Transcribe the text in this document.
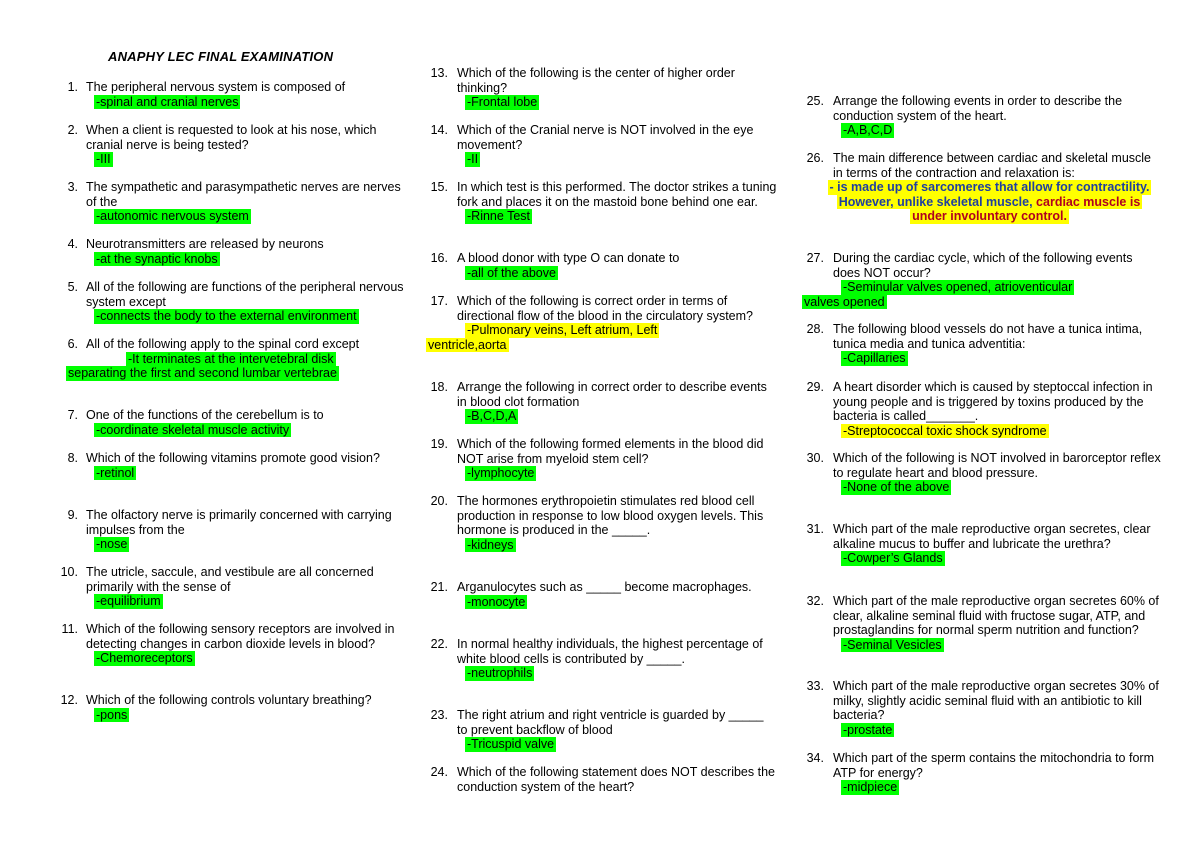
ANAPHY LEC FINAL EXAMINATION
1. The peripheral nervous system is composed of
-spinal and cranial nerves
2. When a client is requested to look at his nose, which cranial nerve is being tested?
-III
3. The sympathetic and parasympathetic nerves are nerves of the
-autonomic nervous system
4. Neurotransmitters are released by neurons
-at the synaptic knobs
5. All of the following are functions of the peripheral nervous system except
-connects the body to the external environment
6. All of the following apply to the spinal cord except
-It terminates at the intervetebral disk
separating the first and second lumbar vertebrae
7. One of the functions of the cerebellum is to
-coordinate skeletal muscle activity
8. Which of the following vitamins promote good vision?
-retinol
9. The olfactory nerve is primarily concerned with carrying impulses from the
-nose
10. The utricle, saccule, and vestibule are all concerned primarily with the sense of
-equilibrium
11. Which of the following sensory receptors are involved in detecting changes in carbon dioxide levels in blood?
-Chemoreceptors
12. Which of the following controls voluntary breathing?
-pons
13. Which of the following is the center of higher order thinking?
-Frontal lobe
14. Which of the Cranial nerve is NOT involved in the eye movement?
-II
15. In which test is this performed. The doctor strikes a tuning fork and places it on the mastoid bone behind one ear.
-Rinne Test
16. A blood donor with type O can donate to
-all of the above
17. Which of the following is correct order in terms of directional flow of the blood in the circulatory system?
-Pulmonary veins, Left atrium, Left
ventricle,aorta
18. Arrange the following in correct order to describe events in blood clot formation
-B,C,D,A
19. Which of the following formed elements in the blood did NOT arise from myeloid stem cell?
-lymphocyte
20. The hormones erythropoietin stimulates red blood cell production in response to low blood oxygen levels. This hormone is produced in the _____.
-kidneys
21. Arganulocytes such as _____ become macrophages.
-monocyte
22. In normal healthy individuals, the highest percentage of white blood cells is contributed by _____.
-neutrophils
23. The right atrium and right ventricle is guarded by _____ to prevent backflow of blood
-Tricuspid valve
24. Which of the following statement does NOT describes the conduction system of the heart?
25. Arrange the following events in order to describe the conduction system of the heart.
-A,B,C,D
26. The main difference between cardiac and skeletal muscle in terms of the contraction and relaxation is:
- is made up of sarcomeres that allow for contractility.
However, unlike skeletal muscle, cardiac muscle is
under involuntary control.
27. During the cardiac cycle, which of the following events does NOT occur?
-Seminular valves opened, atrioventicular
valves opened
28. The following blood vessels do not have a tunica intima, tunica media and tunica adventitia:
-Capillaries
29. A heart disorder which is caused by steptoccal infection in young people and is triggered by toxins produced by the bacteria is called_______.
-Streptococcal toxic shock syndrome
30. Which of the following is NOT involved in barorceptor reflex to regulate heart and blood pressure.
-None of the above
31. Which part of the male reproductive organ secretes, clear alkaline mucus to buffer and lubricate the urethra?
-Cowper’s Glands
32. Which part of the male reproductive organ secretes 60% of clear, alkaline seminal fluid with fructose sugar, ATP, and prostaglandins for normal sperm nutrition and function?
-Seminal Vesicles
33. Which part of the male reproductive organ secretes 30% of milky, slightly acidic seminal fluid with an antibiotic to kill bacteria?
-prostate
34. Which part of the sperm contains the mitochondria to form ATP for energy?
-midpiece
